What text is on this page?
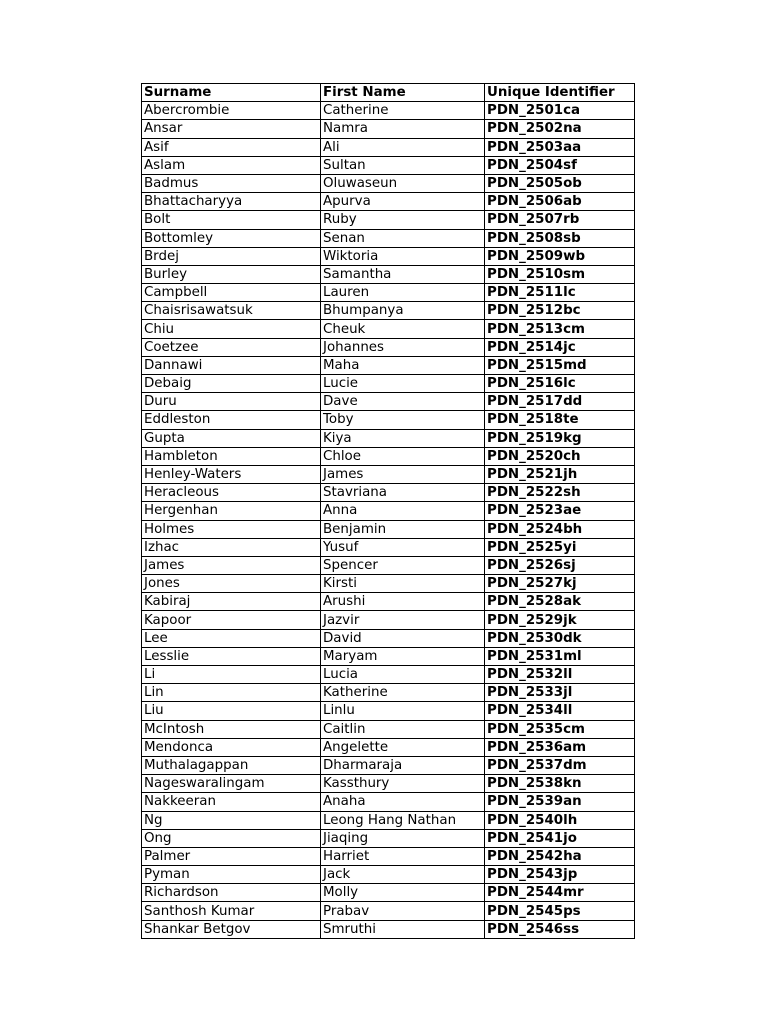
Surname	First Name	Unique Identifier
Abercrombie	Catherine	PDN_2501ca
Ansar	Namra	PDN_2502na
Asif	Ali	PDN_2503aa
Aslam	Sultan	PDN_2504sf
Badmus	Oluwaseun	PDN_2505ob
Bhattacharyya	Apurva	PDN_2506ab
Bolt	Ruby	PDN_2507rb
Bottomley	Senan	PDN_2508sb
Brdej	Wiktoria	PDN_2509wb
Burley	Samantha	PDN_2510sm
Campbell	Lauren	PDN_2511lc
Chaisrisawatsuk	Bhumpanya	PDN_2512bc
Chiu	Cheuk	PDN_2513cm
Coetzee	Johannes	PDN_2514jc
Dannawi	Maha	PDN_2515md
Debaig	Lucie	PDN_2516lc
Duru	Dave	PDN_2517dd
Eddleston	Toby	PDN_2518te
Gupta	Kiya	PDN_2519kg
Hambleton	Chloe	PDN_2520ch
Henley-Waters	James	PDN_2521jh
Heracleous	Stavriana	PDN_2522sh
Hergenhan	Anna	PDN_2523ae
Holmes	Benjamin	PDN_2524bh
Izhac	Yusuf	PDN_2525yi
James	Spencer	PDN_2526sj
Jones	Kirsti	PDN_2527kj
Kabiraj	Arushi	PDN_2528ak
Kapoor	Jazvir	PDN_2529jk
Lee	David	PDN_2530dk
Lesslie	Maryam	PDN_2531ml
Li	Lucia	PDN_2532ll
Lin	Katherine	PDN_2533jl
Liu	Linlu	PDN_2534ll
McIntosh	Caitlin	PDN_2535cm
Mendonca	Angelette	PDN_2536am
Muthalagappan	Dharmaraja	PDN_2537dm
Nageswaralingam	Kassthury	PDN_2538kn
Nakkeeran	Anaha	PDN_2539an
Ng	Leong Hang Nathan	PDN_2540lh
Ong	Jiaqing	PDN_2541jo
Palmer	Harriet	PDN_2542ha
Pyman	Jack	PDN_2543jp
Richardson	Molly	PDN_2544mr
Santhosh Kumar	Prabav	PDN_2545ps
Shankar Betgov	Smruthi	PDN_2546ss
